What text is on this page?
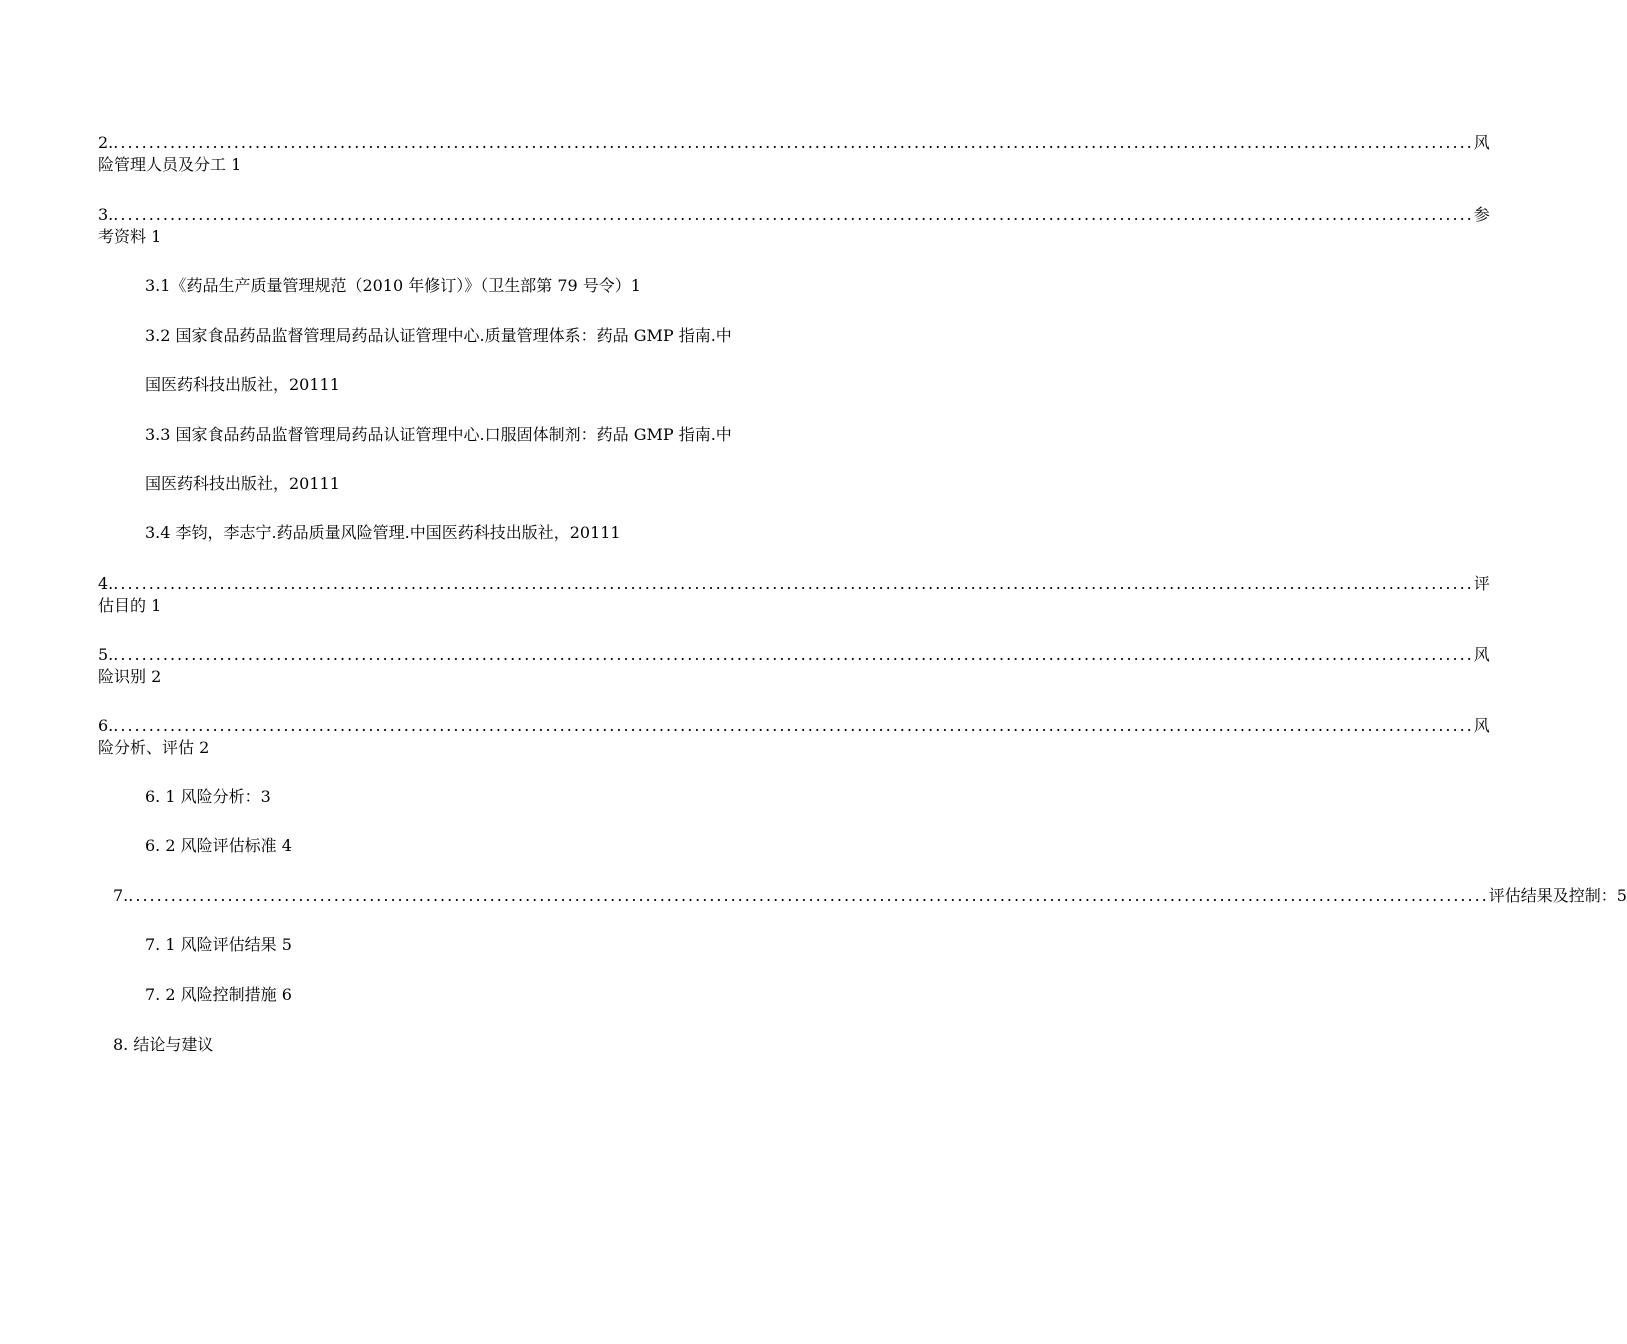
2. ................................................................................................................................................................................................ 风
险管理人员及分工 1
3. ................................................................................................................................................................................................ 参
考资料 1
3.1《药品生产质量管理规范（2010 年修订）》（卫生部第 79 号令）1
3.2 国家食品药品监督管理局药品认证管理中心.质量管理体系：药品 GMP 指南.中
国医药科技出版社，20111
3.3 国家食品药品监督管理局药品认证管理中心.口服固体制剂：药品 GMP 指南.中
国医药科技出版社，20111
3.4 李钧，李志宁.药品质量风险管理.中国医药科技出版社，20111
4. ................................................................................................................................................................................................ 评
估目的 1
5. ................................................................................................................................................................................................ 风
险识别 2
6. ................................................................................................................................................................................................ 风
险分析、评估 2
6. 1 风险分析：3
6. 2 风险评估标准 4
7. ................................................................................................................................................................................................ 评估结果及控制：5
7. 1 风险评估结果 5
7. 2 风险控制措施 6
8. 结论与建议
